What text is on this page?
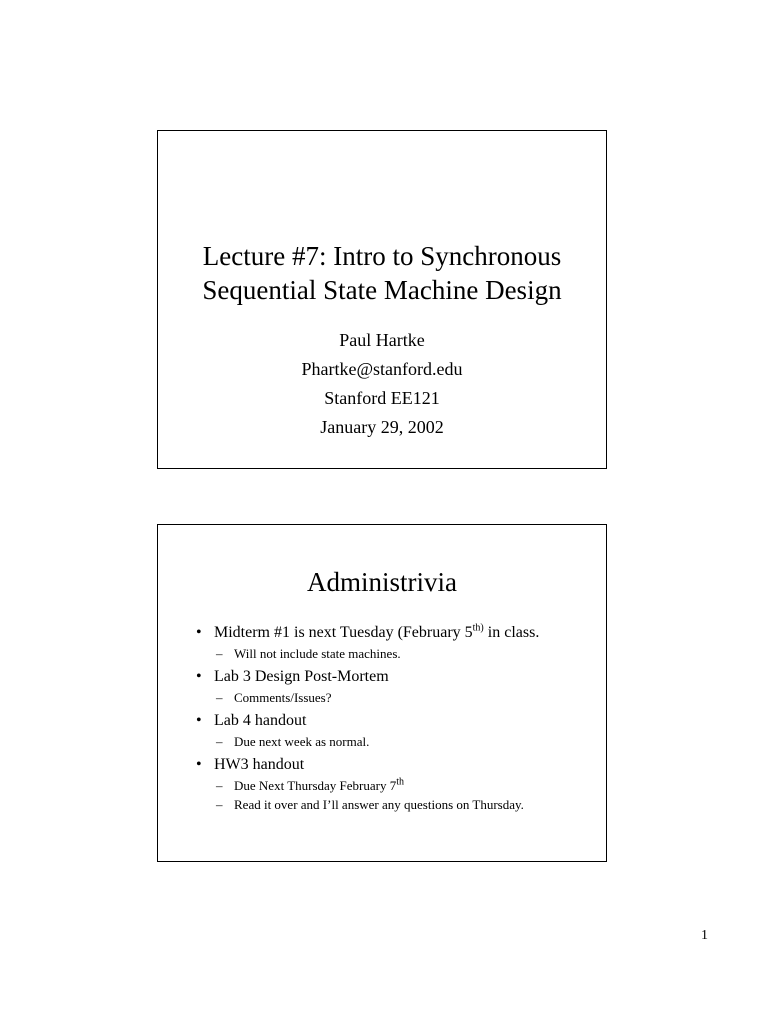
Lecture #7: Intro to Synchronous
Sequential State Machine Design
Paul Hartke
Phartke@stanford.edu
Stanford EE121
January 29, 2002
Administrivia
• Midterm #1 is next Tuesday (February $5^{th)}$ in class.
– Will not include state machines.
• Lab 3 Design Post-Mortem
– Comments/Issues?
• Lab 4 handout
– Due next week as normal.
• HW3 handout
– Due Next Thursday February 7th
– Read it over and I’ll answer any questions on Thursday.
1
